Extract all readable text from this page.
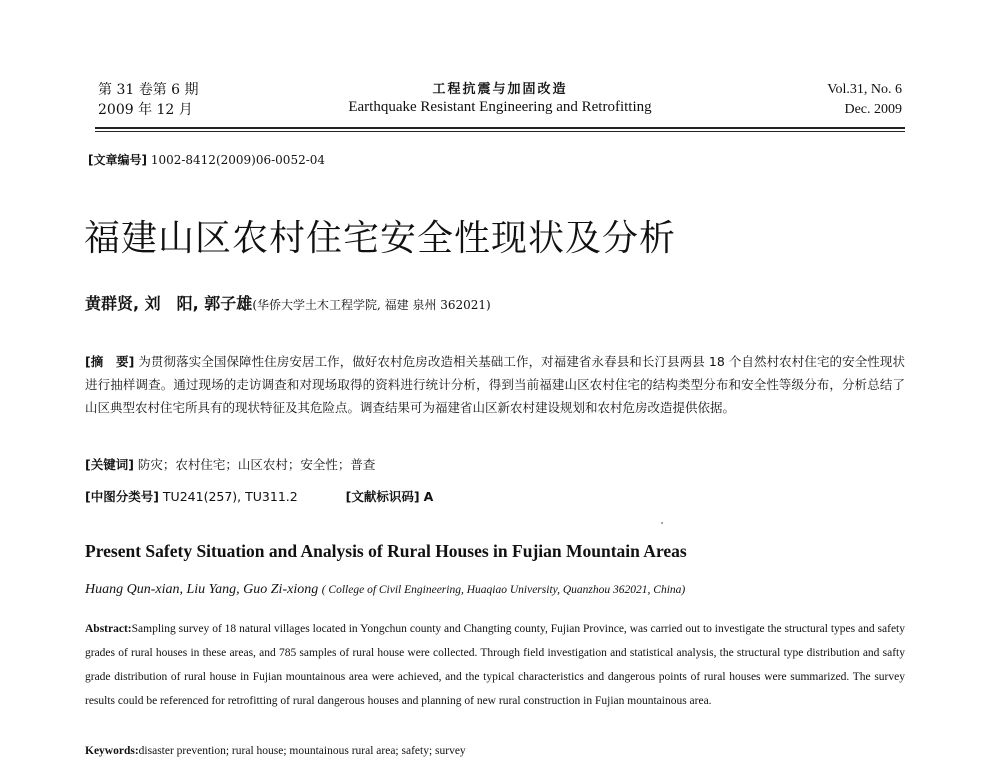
第 31 卷第 6 期
2009 年 12 月
工程抗震与加固改造
Earthquake Resistant Engineering and Retrofitting
Vol.31, No. 6
Dec. 2009
[文章编号] 1002-8412(2009)06-0052-04
福建山区农村住宅安全性现状及分析
黄群贤, 刘　阳, 郭子雄(华侨大学土木工程学院, 福建 泉州 362021)
[摘　要] 为贯彻落实全国保障性住房安居工作，做好农村危房改造相关基础工作，对福建省永春县和长汀县两县 18 个自然村农村住宅的安全性现状进行抽样调查。通过现场的走访调查和对现场取得的资料进行统计分析，得到当前福建山区农村住宅的结构类型分布和安全性等级分布，分析总结了山区典型农村住宅所具有的现状特征及其危险点。调查结果可为福建省山区新农村建设规划和农村危房改造提供依据。
[关键词] 防灾；农村住宅；山区农村；安全性；普查
[中图分类号] TU241(257), TU311.2	[文献标识码] A
Present Safety Situation and Analysis of Rural Houses in Fujian Mountain Areas
Huang Qun-xian, Liu Yang, Guo Zi-xiong ( College of Civil Engineering, Huaqiao University, Quanzhou 362021, China)
Abstract:Sampling survey of 18 natural villages located in Yongchun county and Changting county, Fujian Province, was carried out to investigate the structural types and safety grades of rural houses in these areas, and 785 samples of rural house were collected. Through field investigation and statistical analysis, the structural type distribution and safty grade distribution of rural house in Fujian mountainous area were achieved, and the typical characteristics and dangerous points of rural houses were summarized. The survey results could be referenced for retrofitting of rural dangerous houses and planning of new rural construction in Fujian mountainous area.
Keywords:disaster prevention; rural house; mountainous rural area; safety; survey
